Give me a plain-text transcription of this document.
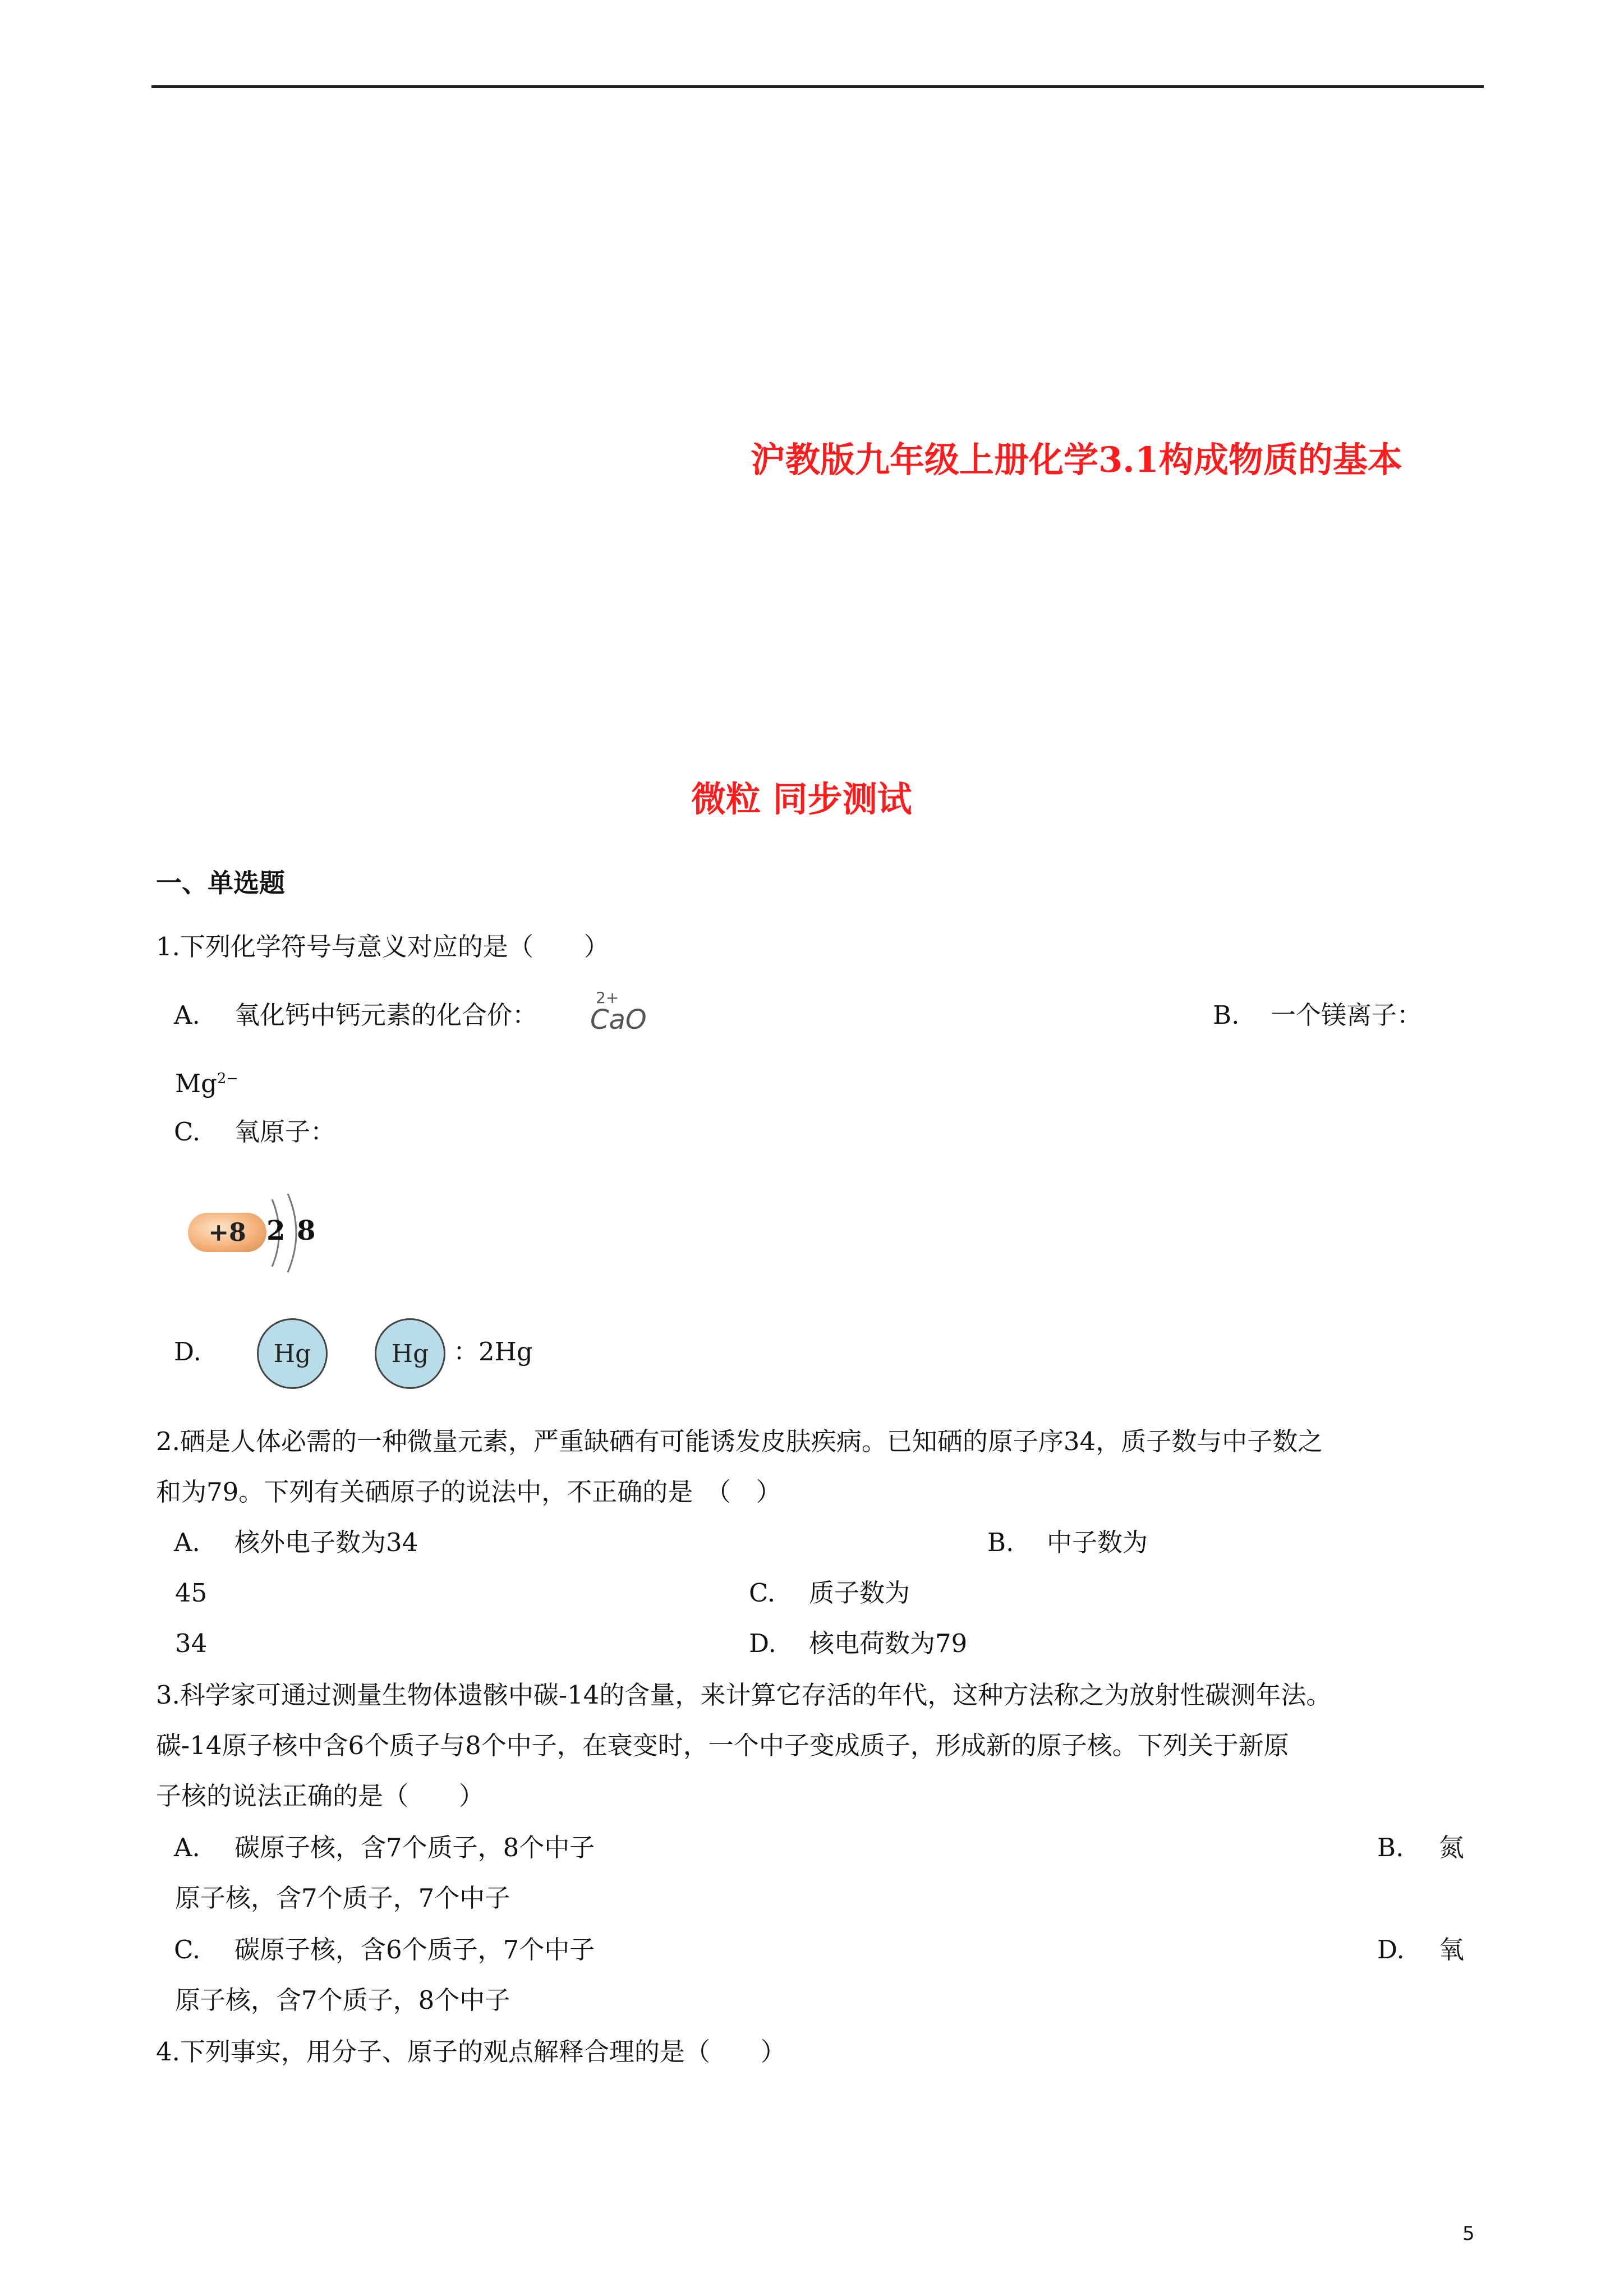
沪教版九年级上册化学3.1构成物质的基本
微粒 同步测试
一、单选题
1.下列化学符号与意义对应的是（　　）
A. 氧化钙中钙元素的化合价：
2+
CaO	B. 一个镁离子：
$Mg^{2-}$
C. 氧原子：
+8 2 8
D.	Hg	Hg ：2Hg
2.硒是人体必需的一种微量元素，严重缺硒有可能诱发皮肤疾病。已知硒的原子序34，质子数与中子数之
和为79。下列有关硒原子的说法中，不正确的是　（　）
A. 核外电子数为34	B. 中子数为
45	C. 质子数为
34	D. 核电荷数为79
3.科学家可通过测量生物体遗骸中碳-14的含量，来计算它存活的年代，这种方法称之为放射性碳测年法。
碳-14原子核中含6个质子与8个中子，在衰变时，一个中子变成质子，形成新的原子核。下列关于新原
子核的说法正确的是（　　）
A. 碳原子核，含7个质子，8个中子	B. 氮
原子核，含7个质子，7个中子
C. 碳原子核，含6个质子，7个中子	D. 氧
原子核，含7个质子，8个中子
4.下列事实，用分子、原子的观点解释合理的是（　　）
5
